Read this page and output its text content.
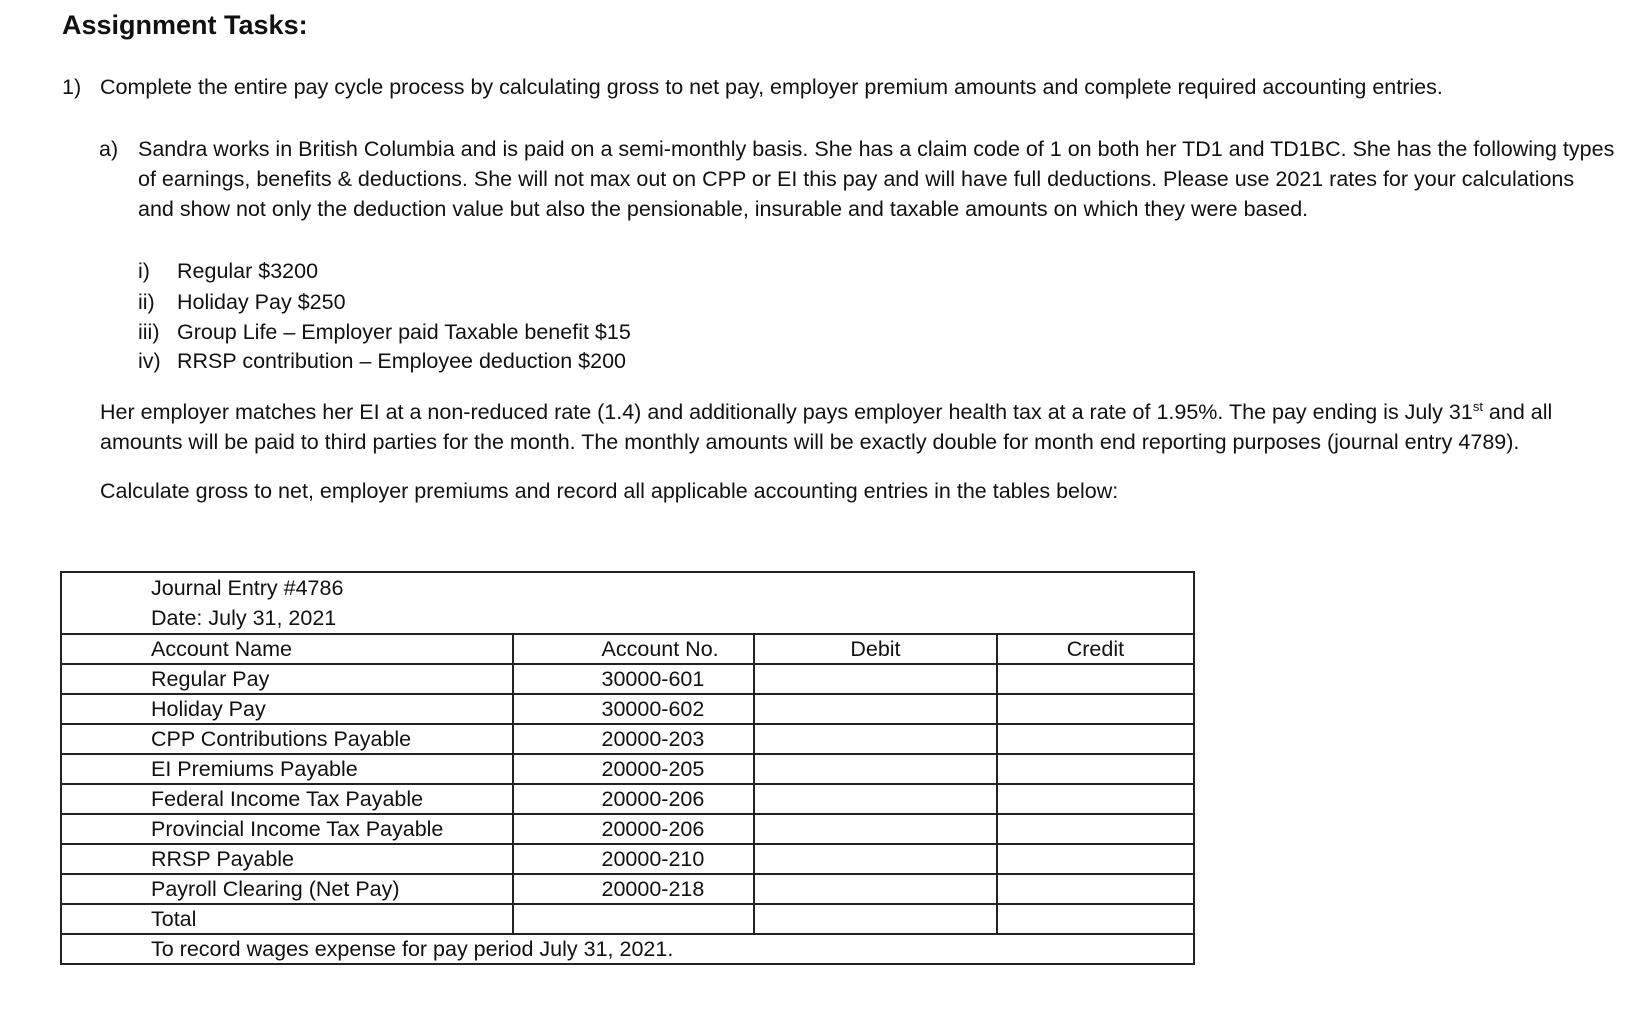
Assignment Tasks:
1) Complete the entire pay cycle process by calculating gross to net pay, employer premium amounts and complete required accounting entries.
a) Sandra works in British Columbia and is paid on a semi-monthly basis. She has a claim code of 1 on both her TD1 and TD1BC. She has the following types
of earnings, benefits & deductions. She will not max out on CPP or EI this pay and will have full deductions. Please use 2021 rates for your calculations
and show not only the deduction value but also the pensionable, insurable and taxable amounts on which they were based.
i)	Regular $3200
ii)	Holiday Pay $250
iii) Group Life – Employer paid Taxable benefit $15
iv) RRSP contribution – Employee deduction $200
Her employer matches her EI at a non-reduced rate (1.4) and additionally pays employer health tax at a rate of 1.95%. The pay ending is July 31st and all
amounts will be paid to third parties for the month. The monthly amounts will be exactly double for month end reporting purposes (journal entry 4789).
Calculate gross to net, employer premiums and record all applicable accounting entries in the tables below:
Journal Entry #4786
Date: July 31, 2021			

Account Name	Account No.	Debit	Credit
Regular Pay	30000-601		
Holiday Pay	30000-602		
CPP Contributions Payable	20000-203		
EI Premiums Payable	20000-205		
Federal Income Tax Payable	20000-206		
Provincial Income Tax Payable	20000-206		
RRSP Payable	20000-210		
Payroll Clearing (Net Pay)	20000-218		
Total			
To record wages expense for pay period July 31, 2021.			
